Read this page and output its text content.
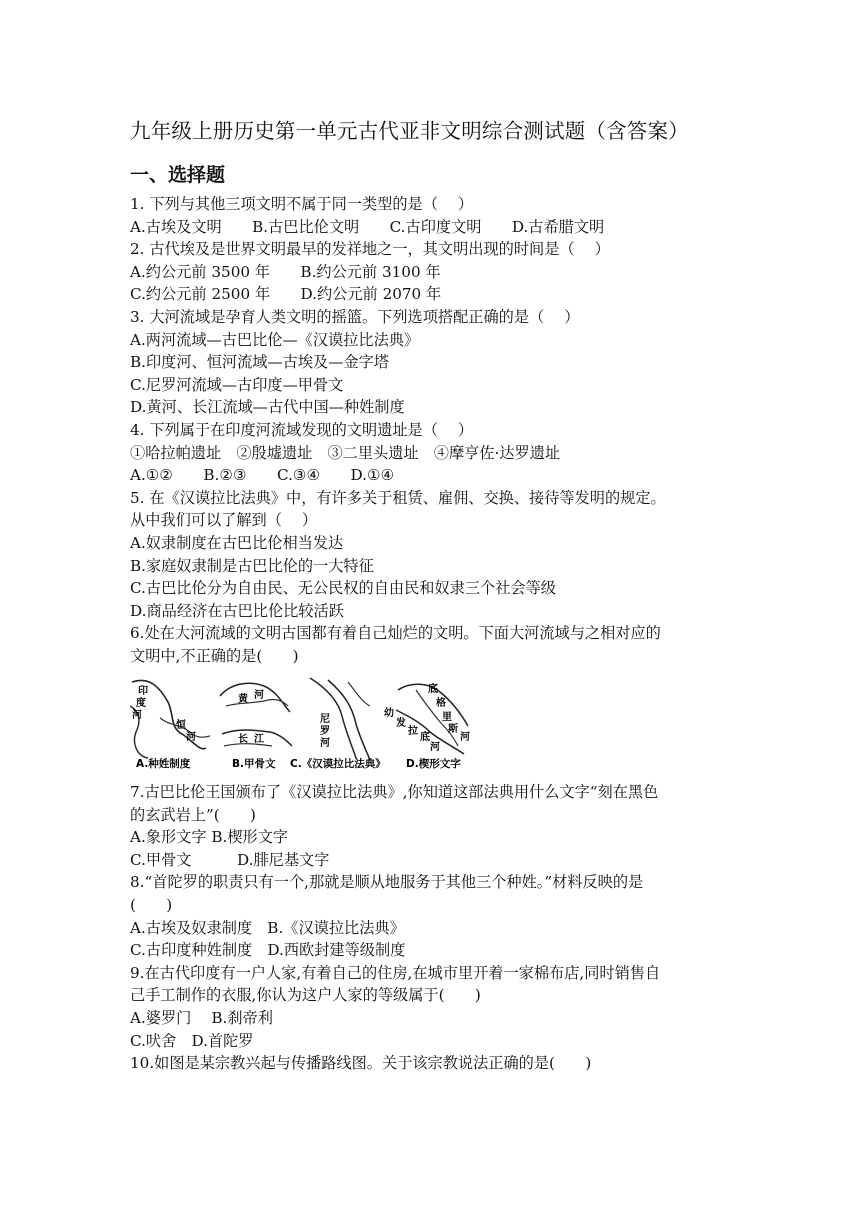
九年级上册历史第一单元古代亚非文明综合测试题（含答案）
一、选择题
1. 下列与其他三项文明不属于同一类型的是（　 ）
A.古埃及文明　　B.古巴比伦文明　　C.古印度文明　　D.古希腊文明
2. 古代埃及是世界文明最早的发祥地之一，其文明出现的时间是（　 ）
A.约公元前 3500 年　　B.约公元前 3100 年
C.约公元前 2500 年　　D.约公元前 2070 年
3. 大河流域是孕育人类文明的摇篮。下列选项搭配正确的是（　 ）
A.两河流域—古巴比伦—《汉谟拉比法典》
B.印度河、恒河流域—古埃及—金字塔
C.尼罗河流域—古印度—甲骨文
D.黄河、长江流域—古代中国—种姓制度
4. 下列属于在印度河流域发现的文明遗址是（　 ）
①哈拉帕遗址　②殷墟遗址　③二里头遗址　④摩亨佐·达罗遗址
A.①②　　B.②③　　C.③④　　D.①④
5. 在《汉谟拉比法典》中，有许多关于租赁、雇佣、交换、接待等发明的规定。
从中我们可以了解到（　 ）
A.奴隶制度在古巴比伦相当发达
B.家庭奴隶制是古巴比伦的一大特征
C.古巴比伦分为自由民、无公民权的自由民和奴隶三个社会等级
D.商品经济在古巴比伦比较活跃
6.处在大河流域的文明古国都有着自己灿烂的文明。下面大河流域与之相对应的
文明中,不正确的是(　　)
印
度
河
恒
河
A.种姓制度
黄 河
长 江
B.甲骨文
尼
罗
河
C.《汉谟拉比法典》
底
格
里
斯
河
幼
发
拉
底
河
D.楔形文字
7.古巴比伦王国颁布了《汉谟拉比法典》,你知道这部法典用什么文字“刻在黑色
的玄武岩上”(　　)
A.象形文字 B.楔形文字
C.甲骨文　　　D.腓尼基文字
8.“首陀罗的职责只有一个,那就是顺从地服务于其他三个种姓。”材料反映的是
(　　)
A.古埃及奴隶制度　B.《汉谟拉比法典》
C.古印度种姓制度　D.西欧封建等级制度
9.在古代印度有一户人家,有着自己的住房,在城市里开着一家棉布店,同时销售自
己手工制作的衣服,你认为这户人家的等级属于(　　)
A.婆罗门　 B.刹帝利
C.吠舍　D.首陀罗
10.如图是某宗教兴起与传播路线图。关于该宗教说法正确的是(　　)
